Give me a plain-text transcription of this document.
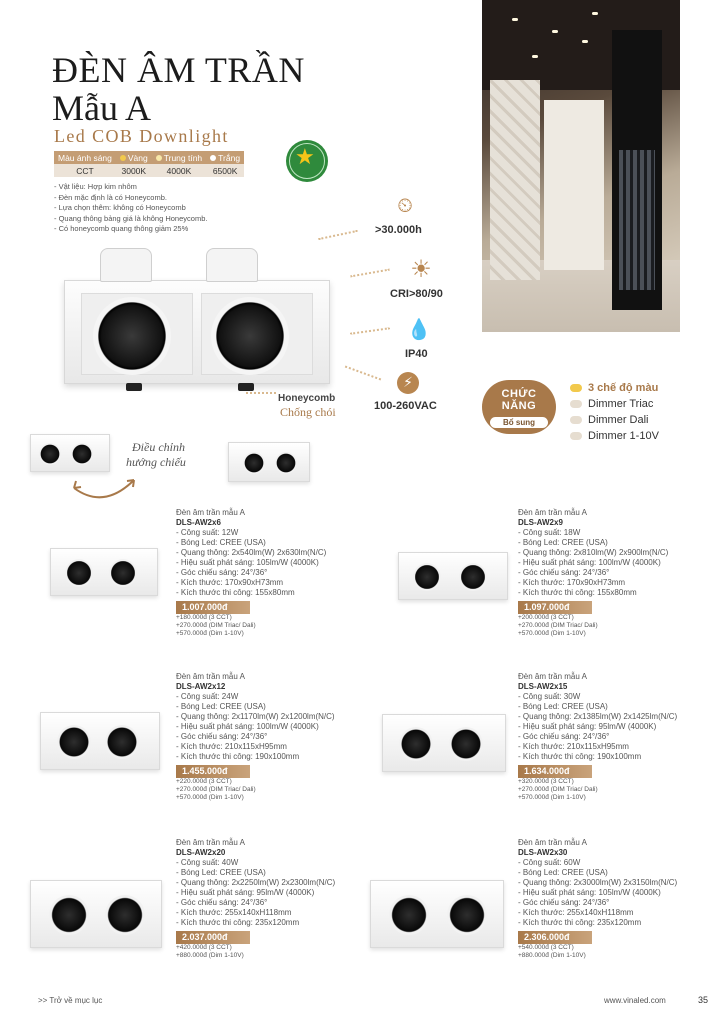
ĐÈN ÂM TRẦN
Mẫu A
Led COB Downlight
Màu ánh sáng	Vàng	Trung tính	Trắng
CCT	3000K	4000K	6500K
★
- Vật liệu: Hợp kim nhôm
- Đèn mặc định là có Honeycomb.
- Lựa chọn thêm: không có Honeycomb
- Quang thông bảng giá là không Honeycomb.
- Có honeycomb quang thông giảm 25%
Honeycomb
Chống chói
⏲
>30.000h
☀
CRI>80/90
💧
IP40
⚡
100-260VAC
CHỨC
NĂNG
Bổ sung
3 chế độ màu
Dimmer Triac
Dimmer Dali
Dimmer 1-10V
Điều chỉnh
hướng chiếu
Đèn âm trần mẫu A
DLS-AW2x6
- Công suất: 12W
- Bóng Led: CREE (USA)
- Quang thông: 2x540lm(W) 2x630lm(N/C)
- Hiệu suất phát sáng: 105lm/W (4000K)
- Góc chiếu sáng: 24°/36°
- Kích thước: 170x90xH73mm
- Kích thước thi công: 155x80mm
1.007.000đ
+180.000đ (3 CCT)
+270.000đ (DIM Triac/ Dali)
+570.000đ (Dim 1-10V)
Đèn âm trần mẫu A
DLS-AW2x9
- Công suất: 18W
- Bóng Led: CREE (USA)
- Quang thông: 2x810lm(W) 2x900lm(N/C)
- Hiệu suất phát sáng: 100lm/W (4000K)
- Góc chiếu sáng: 24°/36°
- Kích thước: 170x90xH73mm
- Kích thước thi công: 155x80mm
1.097.000đ
+200.000đ (3 CCT)
+270.000đ (DIM Triac/ Dali)
+570.000đ (Dim 1-10V)
Đèn âm trần mẫu A
DLS-AW2x12
- Công suất: 24W
- Bóng Led: CREE (USA)
- Quang thông: 2x1170lm(W) 2x1200lm(N/C)
- Hiệu suất phát sáng: 100lm/W (4000K)
- Góc chiếu sáng: 24°/36°
- Kích thước: 210x115xH95mm
- Kích thước thi công: 190x100mm
1.455.000đ
+220.000đ (3 CCT)
+270.000đ (DIM Triac/ Dali)
+570.000đ (Dim 1-10V)
Đèn âm trần mẫu A
DLS-AW2x15
- Công suất: 30W
- Bóng Led: CREE (USA)
- Quang thông: 2x1385lm(W) 2x1425lm(N/C)
- Hiệu suất phát sáng: 95lm/W (4000K)
- Góc chiếu sáng: 24°/36°
- Kích thước: 210x115xH95mm
- Kích thước thi công: 190x100mm
1.634.000đ
+320.000đ (3 CCT)
+270.000đ (DIM Triac/ Dali)
+570.000đ (Dim 1-10V)
Đèn âm trần mẫu A
DLS-AW2x20
- Công suất: 40W
- Bóng Led: CREE (USA)
- Quang thông: 2x2250lm(W) 2x2300lm(N/C)
- Hiệu suất phát sáng: 95lm/W (4000K)
- Góc chiếu sáng: 24°/36°
- Kích thước: 255x140xH118mm
- Kích thước thi công: 235x120mm
2.037.000đ
+420.000đ (3 CCT)
+880.000đ (Dim 1-10V)
Đèn âm trần mẫu A
DLS-AW2x30
- Công suất: 60W
- Bóng Led: CREE (USA)
- Quang thông: 2x3000lm(W) 2x3150lm(N/C)
- Hiệu suất phát sáng: 105lm/W (4000K)
- Góc chiếu sáng: 24°/36°
- Kích thước: 255x140xH118mm
- Kích thước thi công: 235x120mm
2.306.000đ
+540.000đ (3 CCT)
+880.000đ (Dim 1-10V)
>> Trở về mục lục	www.vinaled.com	35
